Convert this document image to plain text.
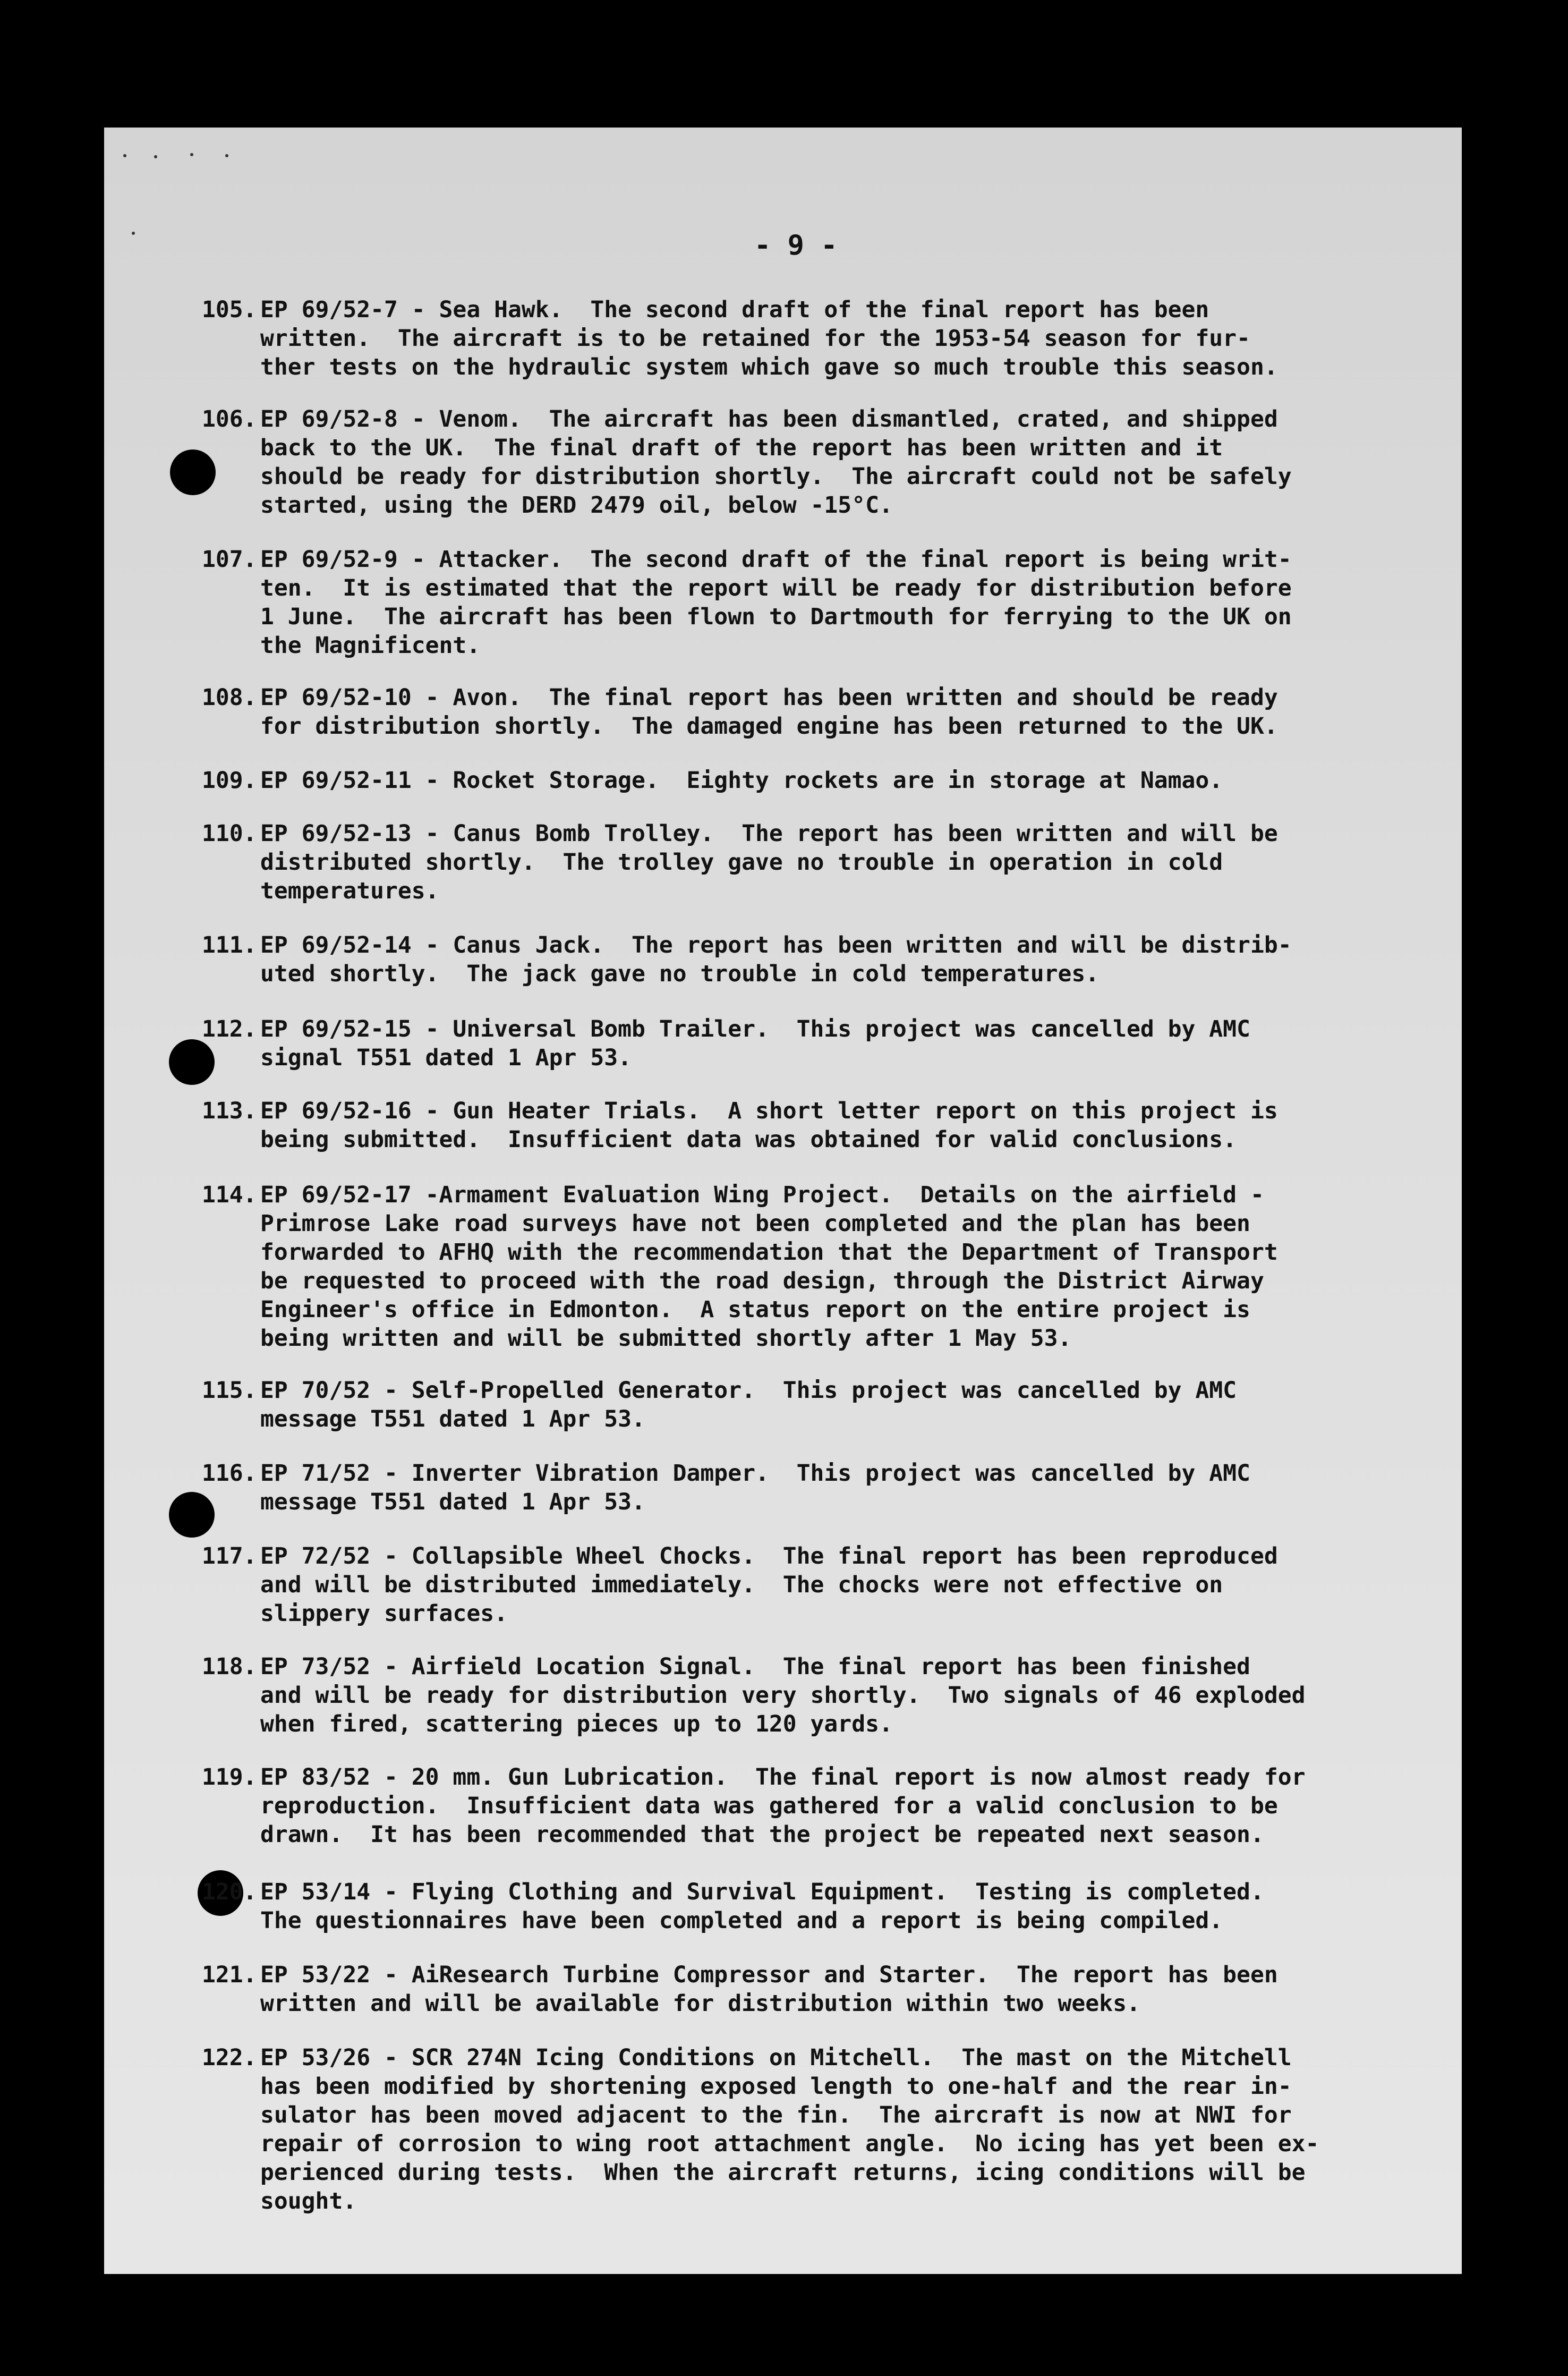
- 9 -
105. EP 69/52-7 - Sea Hawk.  The second draft of the final report has been
written.  The aircraft is to be retained for the 1953-54 season for fur-
ther tests on the hydraulic system which gave so much trouble this season.
106. EP 69/52-8 - Venom.  The aircraft has been dismantled, crated, and shipped
back to the UK.  The final draft of the report has been written and it
should be ready for distribution shortly.  The aircraft could not be safely
started, using the DERD 2479 oil, below -15°C.
107. EP 69/52-9 - Attacker.  The second draft of the final report is being writ-
ten.  It is estimated that the report will be ready for distribution before
1 June.  The aircraft has been flown to Dartmouth for ferrying to the UK on
the Magnificent.
108. EP 69/52-10 - Avon.  The final report has been written and should be ready
for distribution shortly.  The damaged engine has been returned to the UK.
109. EP 69/52-11 - Rocket Storage.  Eighty rockets are in storage at Namao.
110. EP 69/52-13 - Canus Bomb Trolley.  The report has been written and will be
distributed shortly.  The trolley gave no trouble in operation in cold
temperatures.
111. EP 69/52-14 - Canus Jack.  The report has been written and will be distrib-
uted shortly.  The jack gave no trouble in cold temperatures.
112. EP 69/52-15 - Universal Bomb Trailer.  This project was cancelled by AMC
signal T551 dated 1 Apr 53.
113. EP 69/52-16 - Gun Heater Trials.  A short letter report on this project is
being submitted.  Insufficient data was obtained for valid conclusions.
114. EP 69/52-17 -Armament Evaluation Wing Project.  Details on the airfield -
Primrose Lake road surveys have not been completed and the plan has been
forwarded to AFHQ with the recommendation that the Department of Transport
be requested to proceed with the road design, through the District Airway
Engineer's office in Edmonton.  A status report on the entire project is
being written and will be submitted shortly after 1 May 53.
115. EP 70/52 - Self-Propelled Generator.  This project was cancelled by AMC
message T551 dated 1 Apr 53.
116. EP 71/52 - Inverter Vibration Damper.  This project was cancelled by AMC
message T551 dated 1 Apr 53.
117. EP 72/52 - Collapsible Wheel Chocks.  The final report has been reproduced
and will be distributed immediately.  The chocks were not effective on
slippery surfaces.
118. EP 73/52 - Airfield Location Signal.  The final report has been finished
and will be ready for distribution very shortly.  Two signals of 46 exploded
when fired, scattering pieces up to 120 yards.
119. EP 83/52 - 20 mm. Gun Lubrication.  The final report is now almost ready for
reproduction.  Insufficient data was gathered for a valid conclusion to be
drawn.  It has been recommended that the project be repeated next season.
120. EP 53/14 - Flying Clothing and Survival Equipment.  Testing is completed.
The questionnaires have been completed and a report is being compiled.
121. EP 53/22 - AiResearch Turbine Compressor and Starter.  The report has been
written and will be available for distribution within two weeks.
122. EP 53/26 - SCR 274N Icing Conditions on Mitchell.  The mast on the Mitchell
has been modified by shortening exposed length to one-half and the rear in-
sulator has been moved adjacent to the fin.  The aircraft is now at NWI for
repair of corrosion to wing root attachment angle.  No icing has yet been ex-
perienced during tests.  When the aircraft returns, icing conditions will be
sought.
